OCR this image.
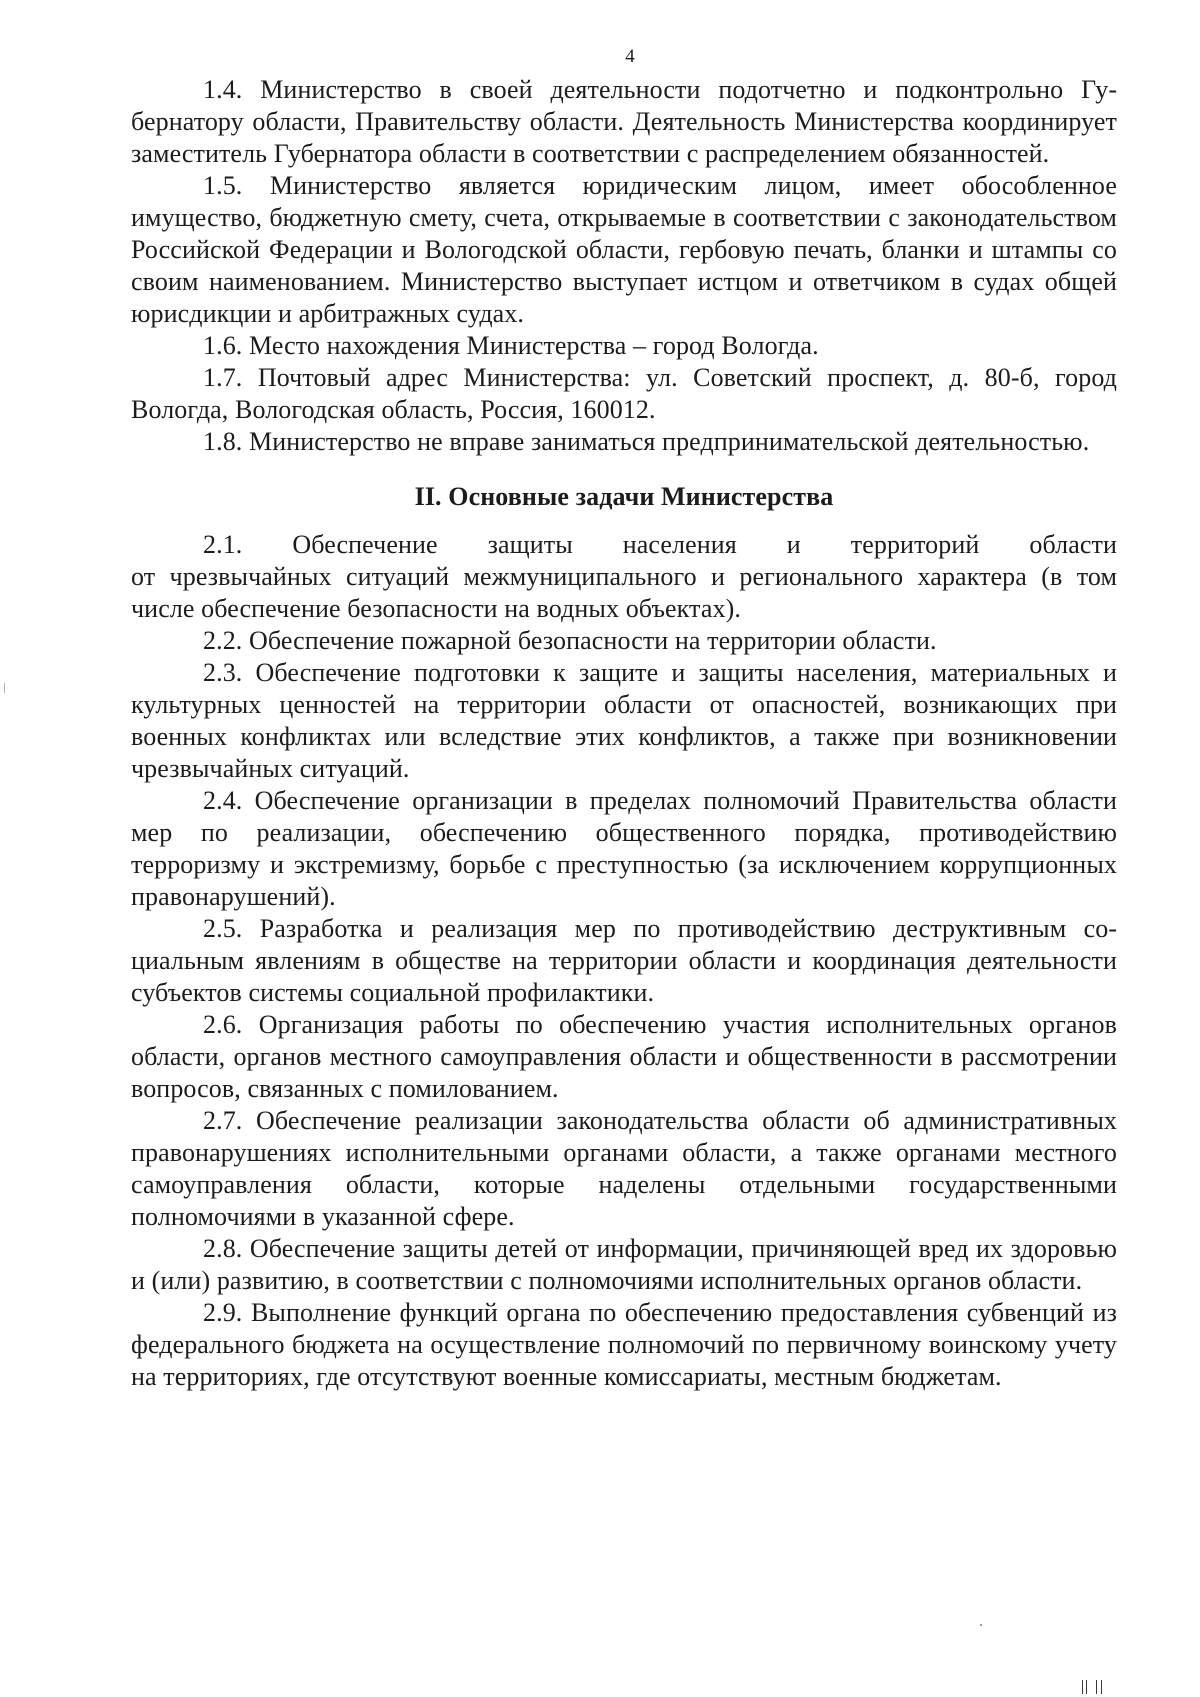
4

1.4. Министерство в своей деятельности подотчетно и подконтрольно Губернатору области, Правительству области. Деятельность Министерства координирует заместитель Губернатора области в соответствии с распределением обязанностей.

1.5. Министерство является юридическим лицом, имеет обособленное имущество, бюджетную смету, счета, открываемые в соответствии с законодательством Российской Федерации и Вологодской области, гербовую печать, бланки и штампы со своим наименованием. Министерство выступает истцом и ответчиком в судах общей юрисдикции и арбитражных судах.

1.6. Место нахождения Министерства – город Вологда.

1.7. Почтовый адрес Министерства: ул. Советский проспект, д. 80-б, город Вологда, Вологодская область, Россия, 160012.

1.8. Министерство не вправе заниматься предпринимательской деятельностью.

II. Основные задачи Министерства

2.1. Обеспечение защиты населения и территорий области

от чрезвычайных ситуаций межмуниципального и регионального характера (в том числе обеспечение безопасности на водных объектах).

2.2. Обеспечение пожарной безопасности на территории области.

2.3. Обеспечение подготовки к защите и защиты населения, материальных и культурных ценностей на территории области от опасностей, возникающих при военных конфликтах или вследствие этих конфликтов, а также при возникновении чрезвычайных ситуаций.

2.4. Обеспечение организации в пределах полномочий Правительства области мер по реализации, обеспечению общественного порядка, противодействию терроризму и экстремизму, борьбе с преступностью (за исключением коррупционных правонарушений).

2.5. Разработка и реализация мер по противодействию деструктивным социальным явлениям в обществе на территории области и координация деятельности субъектов системы социальной профилактики.

2.6. Организация работы по обеспечению участия исполнительных органов области, органов местного самоуправления области и общественности в рассмотрении вопросов, связанных с помилованием.

2.7. Обеспечение реализации законодательства области об административных правонарушениях исполнительными органами области, а также органами местного самоуправления области, которые наделены отдельными государственными полномочиями в указанной сфере.

2.8. Обеспечение защиты детей от информации, причиняющей вред их здоровью и (или) развитию, в соответствии с полномочиями исполнительных органов области.

2.9. Выполнение функций органа по обеспечению предоставления субвенций из федерального бюджета на осуществление полномочий по первичному воинскому учету на территориях, где отсутствуют военные комиссариаты, местным бюджетам.
